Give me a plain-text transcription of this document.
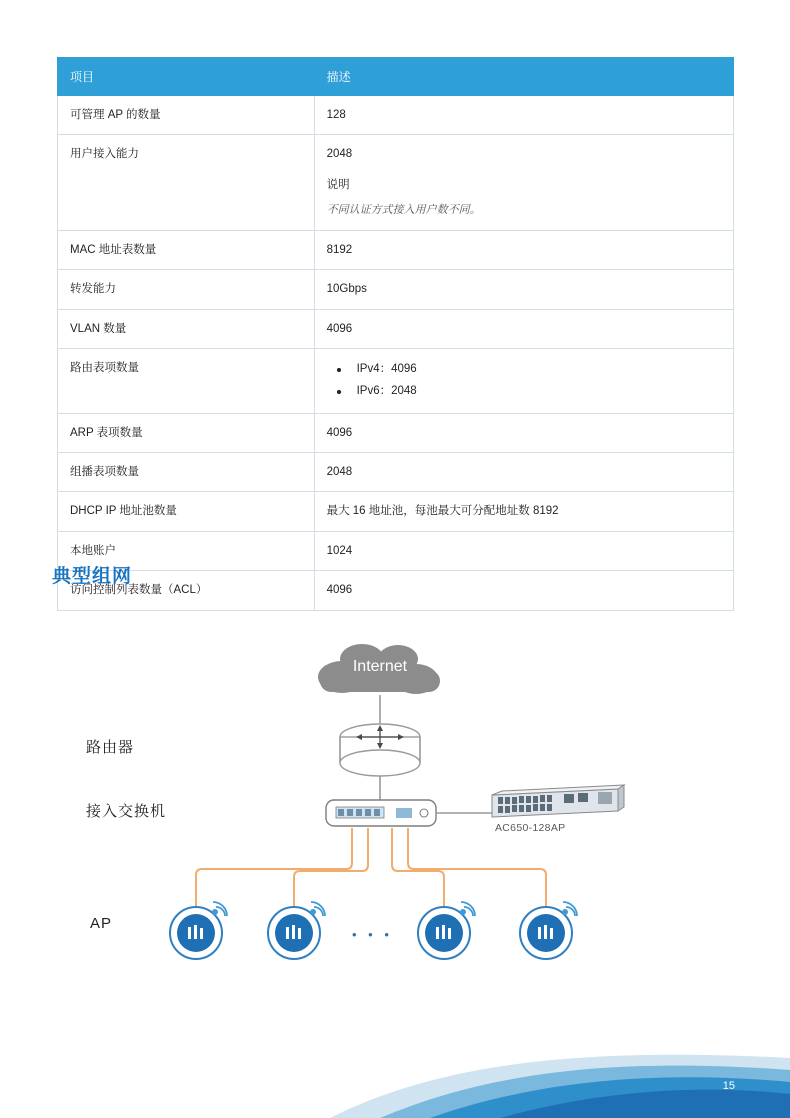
项目	描述
可管理 AP 的数量	128
用户接入能力	2048
说明
不同认证方式接入用户数不同。

MAC 地址表数量	8192
转发能力	10Gbps
VLAN 数量	4096
路由表项数量	IPv4：4096
IPv6：2048

ARP 表项数量	4096
组播表项数量	2048
DHCP IP 地址池数量	最大 16 地址池，每池最大可分配地址数 8192
本地账户	1024
访问控制列表数量（ACL）	4096
典型组网
路由器
接入交换机
AP
Internet
AC650-128AP
• • •
15
